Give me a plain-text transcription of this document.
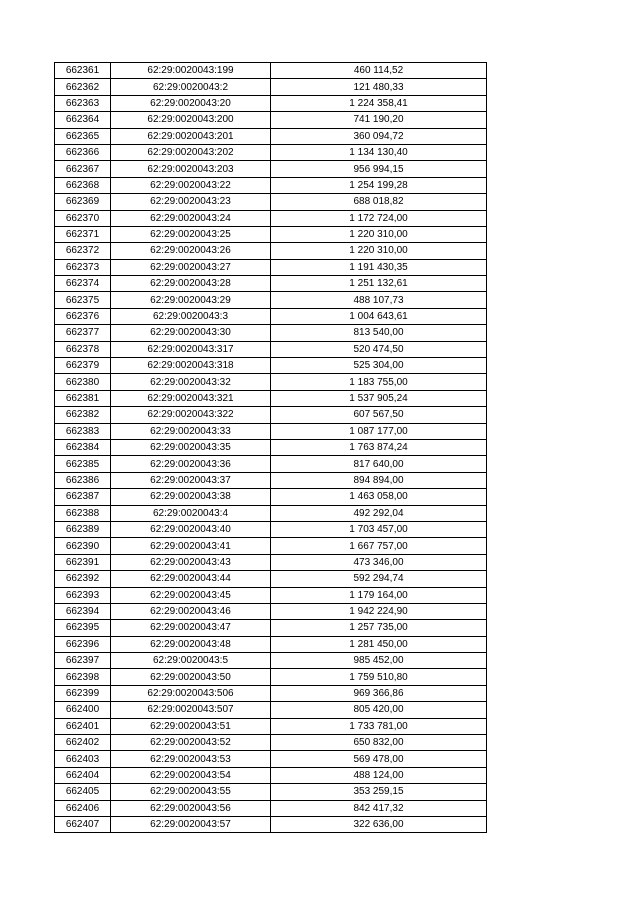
662361	62:29:0020043:199	460 114,52
662362	62:29:0020043:2	121 480,33
662363	62:29:0020043:20	1 224 358,41
662364	62:29:0020043:200	741 190,20
662365	62:29:0020043:201	360 094,72
662366	62:29:0020043:202	1 134 130,40
662367	62:29:0020043:203	956 994,15
662368	62:29:0020043:22	1 254 199,28
662369	62:29:0020043:23	688 018,82
662370	62:29:0020043:24	1 172 724,00
662371	62:29:0020043:25	1 220 310,00
662372	62:29:0020043:26	1 220 310,00
662373	62:29:0020043:27	1 191 430,35
662374	62:29:0020043:28	1 251 132,61
662375	62:29:0020043:29	488 107,73
662376	62:29:0020043:3	1 004 643,61
662377	62:29:0020043:30	813 540,00
662378	62:29:0020043:317	520 474,50
662379	62:29:0020043:318	525 304,00
662380	62:29:0020043:32	1 183 755,00
662381	62:29:0020043:321	1 537 905,24
662382	62:29:0020043:322	607 567,50
662383	62:29:0020043:33	1 087 177,00
662384	62:29:0020043:35	1 763 874,24
662385	62:29:0020043:36	817 640,00
662386	62:29:0020043:37	894 894,00
662387	62:29:0020043:38	1 463 058,00
662388	62:29:0020043:4	492 292,04
662389	62:29:0020043:40	1 703 457,00
662390	62:29:0020043:41	1 667 757,00
662391	62:29:0020043:43	473 346,00
662392	62:29:0020043:44	592 294,74
662393	62:29:0020043:45	1 179 164,00
662394	62:29:0020043:46	1 942 224,90
662395	62:29:0020043:47	1 257 735,00
662396	62:29:0020043:48	1 281 450,00
662397	62:29:0020043:5	985 452,00
662398	62:29:0020043:50	1 759 510,80
662399	62:29:0020043:506	969 366,86
662400	62:29:0020043:507	805 420,00
662401	62:29:0020043:51	1 733 781,00
662402	62:29:0020043:52	650 832,00
662403	62:29:0020043:53	569 478,00
662404	62:29:0020043:54	488 124,00
662405	62:29:0020043:55	353 259,15
662406	62:29:0020043:56	842 417,32
662407	62:29:0020043:57	322 636,00
